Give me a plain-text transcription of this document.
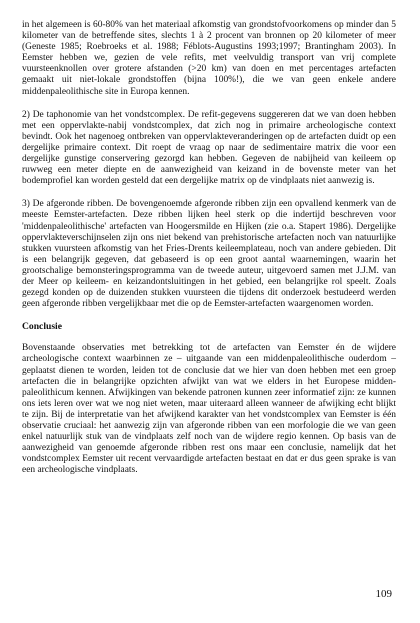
in het algemeen is 60-80% van het materiaal afkomstig van grondstofvoorkomens op minder dan 5 kilometer van de betreffende sites, slechts 1 à 2 procent van bronnen op 20 kilometer of meer (Geneste 1985; Roebroeks et al. 1988; Féblots-Augustins 1993;1997; Brantingham 2003). In Eemster hebben we, gezien de vele refits, met veelvuldig transport van vrij complete vuursteenknollen over grotere afstanden (>20 km) van doen en met percentages artefacten gemaakt uit niet-lokale grondstoffen (bijna 100%!), die we van geen enkele andere middenpaleolithische site in Europa kennen.

2) De taphonomie van het vondstcomplex. De refit-gegevens suggereren dat we van doen hebben met een oppervlakte-nabij vondstcomplex, dat zich nog in primaire archeologische context bevindt. Ook het nagenoeg ontbreken van oppervlakteveranderingen op de artefacten duidt op een dergelijke primaire context. Dit roept de vraag op naar de sedimentaire matrix die voor een dergelijke gunstige conservering gezorgd kan hebben. Gegeven de nabijheid van keileem op ruwweg een meter diepte en de aanwezigheid van keizand in de bovenste meter van het bodemprofiel kan worden gesteld dat een dergelijke matrix op de vindplaats niet aanwezig is.

3) De afgeronde ribben. De bovengenoemde afgeronde ribben zijn een opvallend kenmerk van de meeste Eemster-artefacten. Deze ribben lijken heel sterk op die indertijd beschreven voor 'middenpaleolithische' artefacten van Hoogersmilde en Hijken (zie o.a. Stapert 1986). Dergelijke oppervlakteverschijnselen zijn ons niet bekend van prehistorische artefacten noch van natuurlijke stukken vuursteen afkomstig van het Fries-Drents keileemplateau, noch van andere gebieden. Dit is een belangrijk gegeven, dat gebaseerd is op een groot aantal waarnemingen, waarin het grootschalige bemonsteringsprogramma van de tweede auteur, uitgevoerd samen met J.J.M. van der Meer op keileem- en keizandontsluitingen in het gebied, een belangrijke rol speelt. Zoals gezegd konden op de duizenden stukken vuursteen die tijdens dit onderzoek bestudeerd werden geen afgeronde ribben vergelijkbaar met die op de Eemster-artefacten waargenomen worden.

Conclusie

Bovenstaande observaties met betrekking tot de artefacten van Eemster én de wijdere archeologische context waarbinnen ze – uitgaande van een middenpaleolithische ouderdom – geplaatst dienen te worden, leiden tot de conclusie dat we hier van doen hebben met een groep artefacten die in belangrijke opzichten afwijkt van wat we elders in het Europese midden-paleolithicum kennen. Afwijkingen van bekende patronen kunnen zeer informatief zijn: ze kunnen ons iets leren over wat we nog niet weten, maar uiteraard alleen wanneer de afwijking echt blijkt te zijn. Bij de interpretatie van het afwijkend karakter van het vondstcomplex van Eemster is één observatie cruciaal: het aanwezig zijn van afgeronde ribben van een morfologie die we van geen enkel natuurlijk stuk van de vindplaats zelf noch van de wijdere regio kennen. Op basis van de aanwezigheid van genoemde afgeronde ribben rest ons maar een conclusie, namelijk dat het vondstcomplex Eemster uit recent vervaardigde artefacten bestaat en dat er dus geen sprake is van een archeologische vindplaats.

109
